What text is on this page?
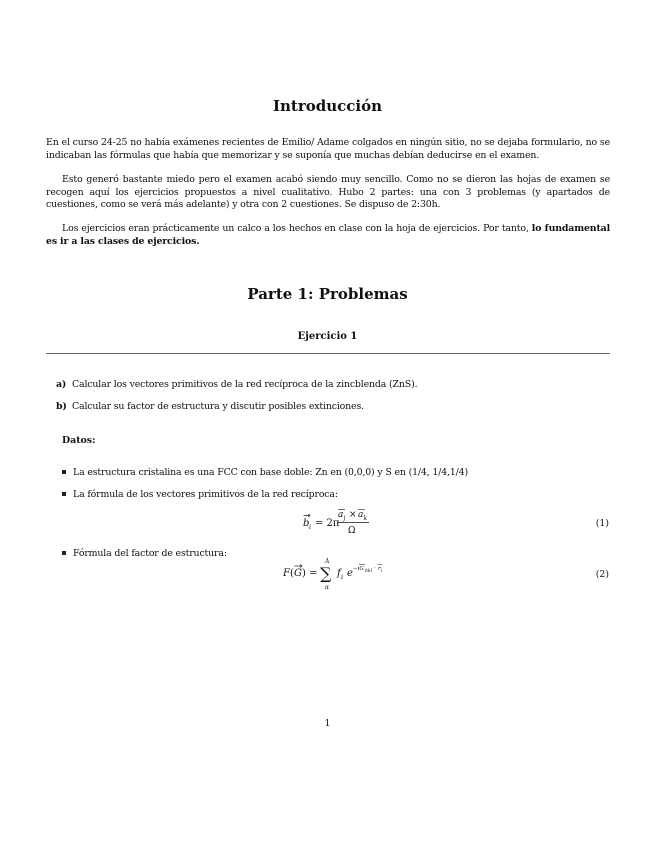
Introducción

En el curso 24-25 no había exámenes recientes de Emilio/ Adame colgados en ningún sitio, no se dejaba formulario, no se indicaban las fórmulas que había que memorizar y se suponía que muchas debían deducirse en el examen.

Esto generó bastante miedo pero el examen acabó siendo muy sencillo. Como no se dieron las hojas de examen se recogen aquí los ejercicios propuestos a nivel cualitativo. Hubo 2 partes: una con 3 problemas (y apartados de cuestiones, como se verá más adelante) y otra con 2 cuestiones. Se dispuso de 2:30h.

Los ejercicios eran prácticamente un calco a los hechos en clase con la hoja de ejercicios. Por tanto, lo fundamental es ir a las clases de ejercicios.

Parte 1: Problemas
Ejercicio 1
a) Calcular los vectores primitivos de la red recíproca de la zincblenda (ZnS).
b) Calcular su factor de estructura y discutir posibles extinciones.
Datos:
La estructura cristalina es una FCC con base doble: Zn en (0,0,0) y S en (1/4, 1/4,1/4)
La fórmula de los vectores primitivos de la red recíproca:
b i = 2π
a j × a k
Ω
(1)
Fórmula del factor de estructura:
F ( G ) = ∑
A
α
f i e −iG hkl · r i	(2)
1
